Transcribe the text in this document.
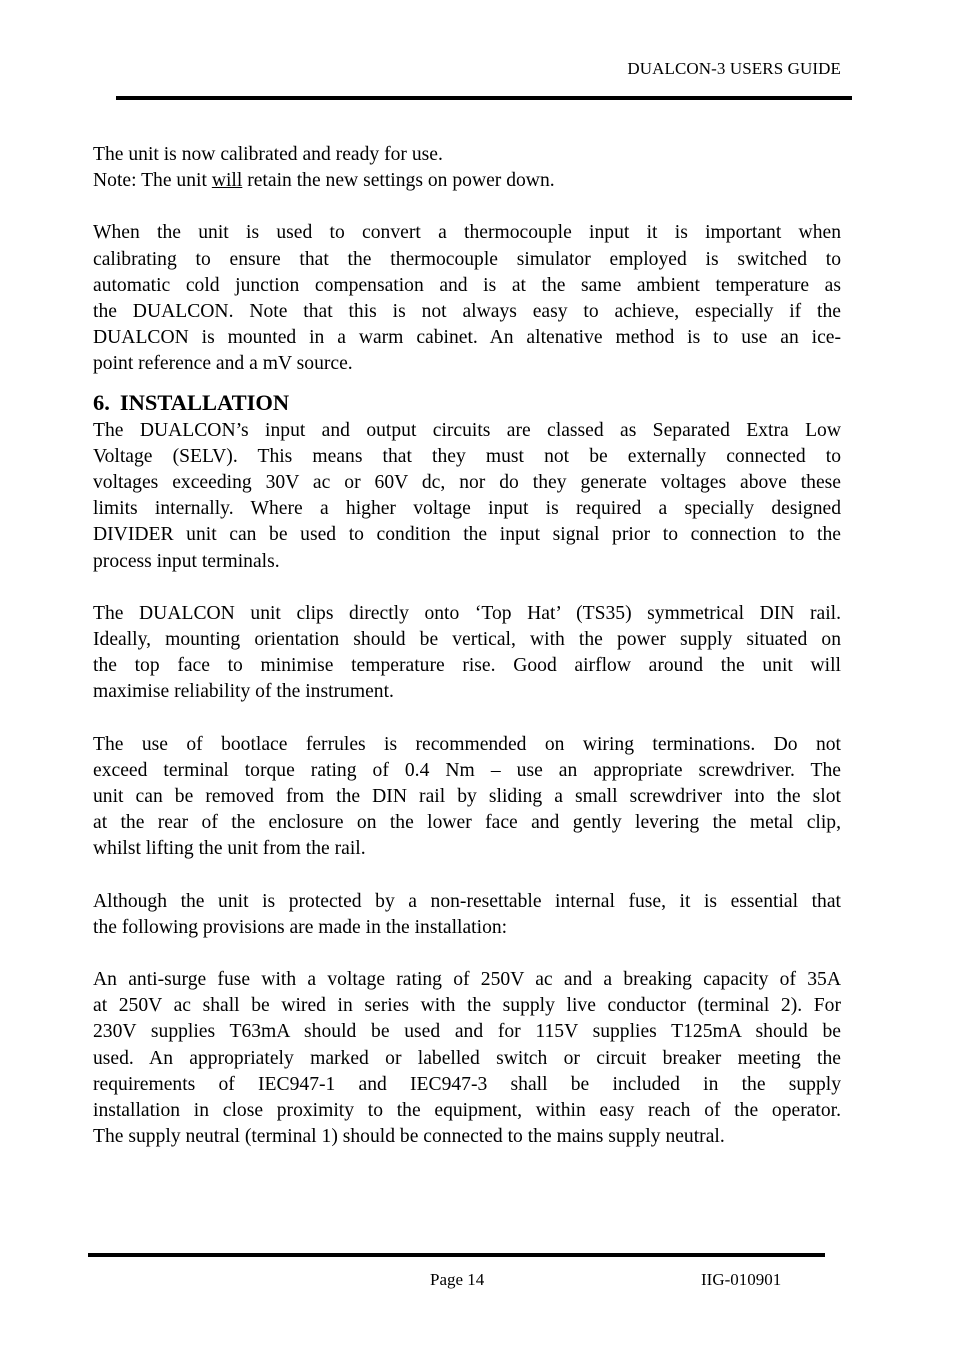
DUALCON-3 USERS GUIDE

The unit is now calibrated and ready for use.

Note: The unit will retain the new settings on power down.

When the unit is used to convert a thermocouple input it is important when
calibrating to ensure that the thermocouple simulator employed is switched to
automatic cold junction compensation and is at the same ambient temperature as
the DUALCON. Note that this is not always easy to achieve, especially if the
DUALCON is mounted in a warm cabinet. An altenative method is to use an ice-
point reference and a mV source.
6. INSTALLATION
The DUALCON’s input and output circuits are classed as Separated Extra Low
Voltage (SELV). This means that they must not be externally connected to
voltages exceeding 30V ac or 60V dc, nor do they generate voltages above these
limits internally. Where a higher voltage input is required a specially designed
DIVIDER unit can be used to condition the input signal prior to connection to the
process input terminals.
The DUALCON unit clips directly onto ‘Top Hat’ (TS35) symmetrical DIN rail.
Ideally, mounting orientation should be vertical, with the power supply situated on
the top face to minimise temperature rise. Good airflow around the unit will
maximise reliability of the instrument.
The use of bootlace ferrules is recommended on wiring terminations. Do not
exceed terminal torque rating of 0.4 Nm – use an appropriate screwdriver. The
unit can be removed from the DIN rail by sliding a small screwdriver into the slot
at the rear of the enclosure on the lower face and gently levering the metal clip,
whilst lifting the unit from the rail.
Although the unit is protected by a non-resettable internal fuse, it is essential that
the following provisions are made in the installation:
An anti-surge fuse with a voltage rating of 250V ac and a breaking capacity of 35A
at 250V ac shall be wired in series with the supply live conductor (terminal 2). For
230V supplies T63mA should be used and for 115V supplies T125mA should be
used. An appropriately marked or labelled switch or circuit breaker meeting the
requirements of IEC947-1 and IEC947-3 shall be included in the supply
installation in close proximity to the equipment, within easy reach of the operator.
The supply neutral (terminal 1) should be connected to the mains supply neutral.
Page 14	IIG-010901
